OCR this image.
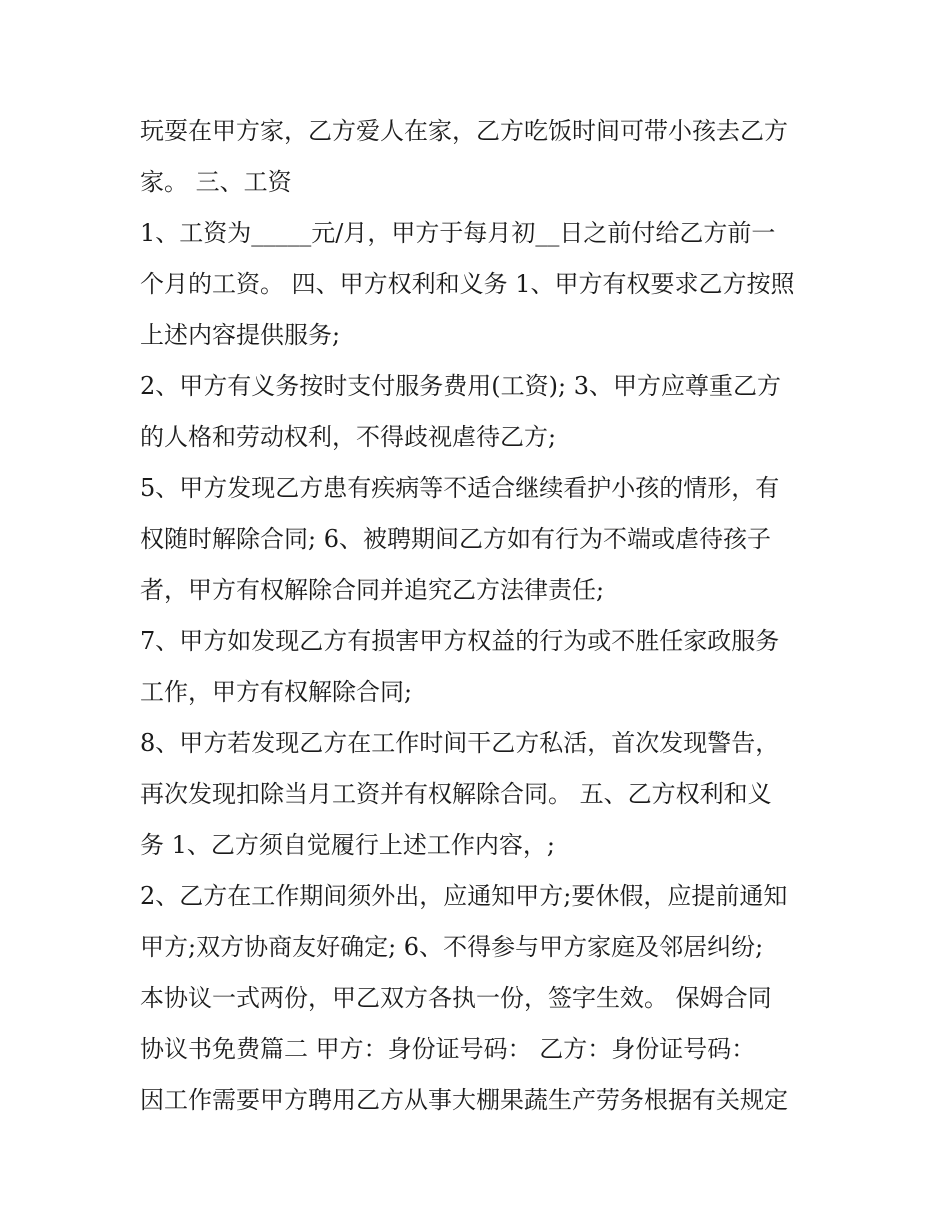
玩耍在甲方家，乙方爱人在家，乙方吃饭时间可带小孩去乙方
家。 三、工资
1、工资为_____元/月，甲方于每月初__日之前付给乙方前一
个月的工资。 四、甲方权利和义务 1、甲方有权要求乙方按照
上述内容提供服务;
2、甲方有义务按时支付服务费用(工资); 3、甲方应尊重乙方
的人格和劳动权利，不得歧视虐待乙方;
5、甲方发现乙方患有疾病等不适合继续看护小孩的情形，有
权随时解除合同; 6、被聘期间乙方如有行为不端或虐待孩子
者，甲方有权解除合同并追究乙方法律责任;
7、甲方如发现乙方有损害甲方权益的行为或不胜任家政服务
工作，甲方有权解除合同;
8、甲方若发现乙方在工作时间干乙方私活，首次发现警告，
再次发现扣除当月工资并有权解除合同。 五、乙方权利和义
务 1、乙方须自觉履行上述工作内容，;
2、乙方在工作期间须外出，应通知甲方;要休假，应提前通知
甲方;双方协商友好确定; 6、不得参与甲方家庭及邻居纠纷;
本协议一式两份，甲乙双方各执一份，签字生效。 保姆合同
协议书免费篇二 甲方：身份证号码： 乙方：身份证号码：
因工作需要甲方聘用乙方从事大棚果蔬生产劳务根据有关规定
